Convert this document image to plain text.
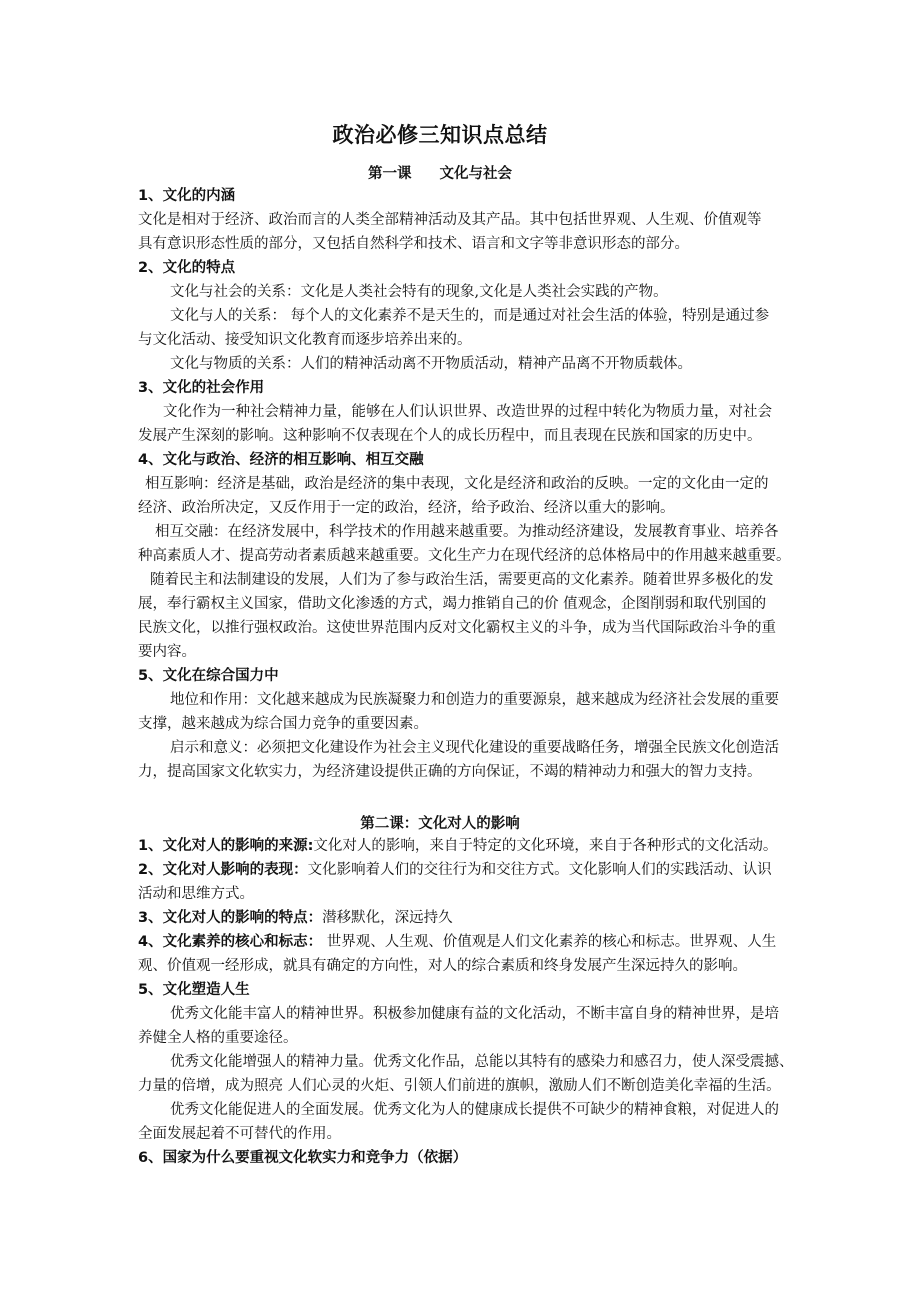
政治必修三知识点总结
第一课 文化与社会
1、文化的内涵
文化是相对于经济、政治而言的人类全部精神活动及其产品。其中包括世界观、人生观、价值观等
具有意识形态性质的部分，又包括自然科学和技术、语言和文字等非意识形态的部分。
2、文化的特点
文化与社会的关系：文化是人类社会特有的现象,文化是人类社会实践的产物。
文化与人的关系： 每个人的文化素养不是天生的，而是通过对社会生活的体验，特别是通过参
与文化活动、接受知识文化教育而逐步培养出来的。
文化与物质的关系：人们的精神活动离不开物质活动，精神产品离不开物质载体。
3、文化的社会作用
文化作为一种社会精神力量，能够在人们认识世界、改造世界的过程中转化为物质力量，对社会
发展产生深刻的影响。这种影响不仅表现在个人的成长历程中，而且表现在民族和国家的历史中。
4、文化与政治、经济的相互影响、相互交融
相互影响：经济是基础，政治是经济的集中表现，文化是经济和政治的反映。一定的文化由一定的
经济、政治所决定，又反作用于一定的政治，经济，给予政治、经济以重大的影响。
相互交融：在经济发展中，科学技术的作用越来越重要。为推动经济建设，发展教育事业、培养各
种高素质人才、提高劳动者素质越来越重要。文化生产力在现代经济的总体格局中的作用越来越重要。
随着民主和法制建设的发展，人们为了参与政治生活，需要更高的文化素养。随着世界多极化的发
展，奉行霸权主义国家，借助文化渗透的方式，竭力推销自己的价 值观念，企图削弱和取代别国的
民族文化，以推行强权政治。这使世界范围内反对文化霸权主义的斗争，成为当代国际政治斗争的重
要内容。
5、文化在综合国力中
地位和作用：文化越来越成为民族凝聚力和创造力的重要源泉，越来越成为经济社会发展的重要
支撑，越来越成为综合国力竞争的重要因素。
启示和意义：必须把文化建设作为社会主义现代化建设的重要战略任务，增强全民族文化创造活
力，提高国家文化软实力，为经济建设提供正确的方向保证，不竭的精神动力和强大的智力支持。
第二课：文化对人的影响
1、文化对人的影响的来源:文化对人的影响，来自于特定的文化环境，来自于各种形式的文化活动。
2、文化对人影响的表现：文化影响着人们的交往行为和交往方式。文化影响人们的实践活动、认识
活动和思维方式。
3、文化对人的影响的特点：潜移默化，深远持久
4、文化素养的核心和标志： 世界观、人生观、价值观是人们文化素养的核心和标志。世界观、人生
观、价值观一经形成，就具有确定的方向性，对人的综合素质和终身发展产生深远持久的影响。
5、文化塑造人生
优秀文化能丰富人的精神世界。积极参加健康有益的文化活动，不断丰富自身的精神世界，是培
养健全人格的重要途径。
优秀文化能增强人的精神力量。优秀文化作品，总能以其特有的感染力和感召力，使人深受震撼、
力量的倍增，成为照亮 人们心灵的火炬、引领人们前进的旗帜，激励人们不断创造美化幸福的生活。
优秀文化能促进人的全面发展。优秀文化为人的健康成长提供不可缺少的精神食粮，对促进人的
全面发展起着不可替代的作用。
6、国家为什么要重视文化软实力和竞争力（依据）
